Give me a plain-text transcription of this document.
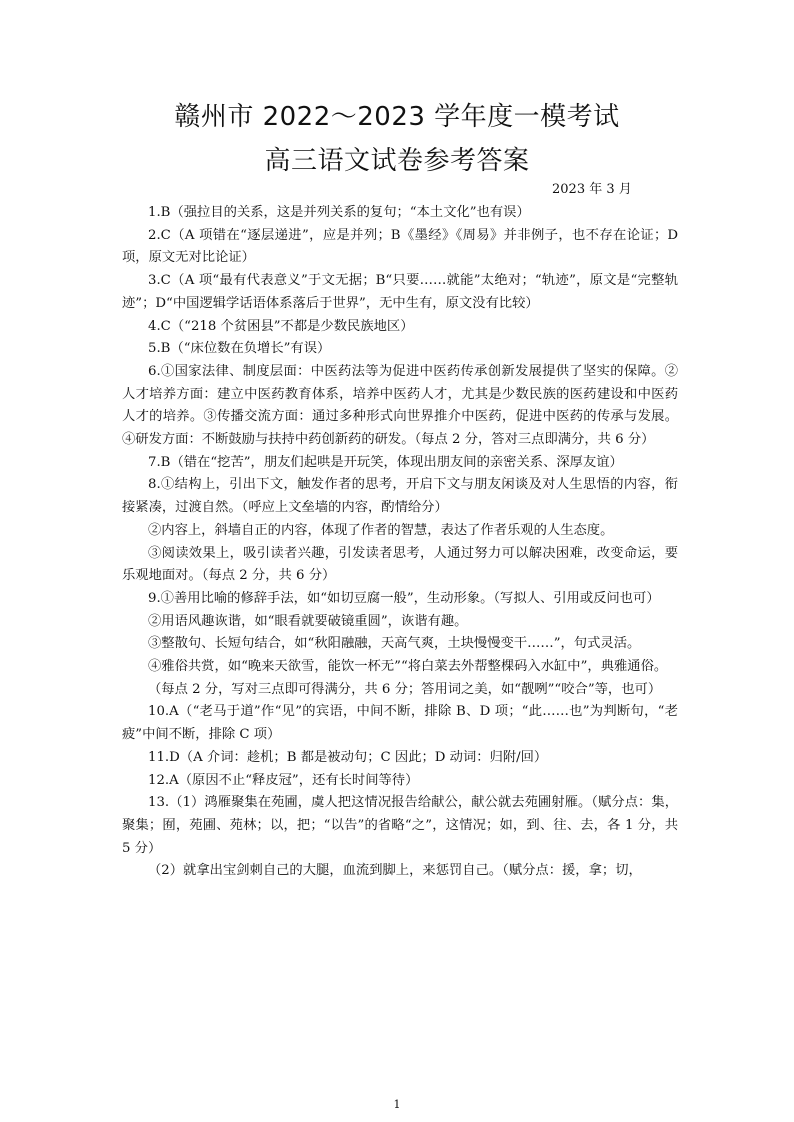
赣州市 2022～2023 学年度一模考试
高三语文试卷参考答案
2023 年 3 月

1.B（强拉目的关系，这是并列关系的复句；“本土文化”也有误）

2.C（A 项错在“逐层递进”，应是并列；B《墨经》《周易》并非例子，也不存在论证；D 项，原文无对比论证）

3.C（A 项“最有代表意义”于文无据；B“只要……就能”太绝对；“轨迹”，原文是“完整轨迹”；D“中国逻辑学话语体系落后于世界”，无中生有，原文没有比较）

4.C（“218 个贫困县”不都是少数民族地区）

5.B（“床位数在负增长”有误）

6.①国家法律、制度层面：中医药法等为促进中医药传承创新发展提供了坚实的保障。②人才培养方面：建立中医药教育体系，培养中医药人才，尤其是少数民族的医药建设和中医药人才的培养。③传播交流方面：通过多种形式向世界推介中医药，促进中医药的传承与发展。④研发方面：不断鼓励与扶持中药创新药的研发。（每点 2 分，答对三点即满分，共 6 分）

7.B（错在“挖苦”，朋友们起哄是开玩笑，体现出朋友间的亲密关系、深厚友谊）

8.①结构上，引出下文，触发作者的思考，开启下文与朋友闲谈及对人生思悟的内容，衔接紧凑，过渡自然。（呼应上文垒墙的内容，酌情给分）

②内容上，斜墙自正的内容，体现了作者的智慧，表达了作者乐观的人生态度。

③阅读效果上，吸引读者兴趣，引发读者思考，人通过努力可以解决困难，改变命运，要乐观地面对。（每点 2 分，共 6 分）

9.①善用比喻的修辞手法，如“如切豆腐一般”，生动形象。（写拟人、引用或反问也可）

②用语风趣诙谐，如“眼看就要破镜重圆”，诙谐有趣。

③整散句、长短句结合，如“秋阳融融，天高气爽，土块慢慢变干……”，句式灵活。

④雅俗共赏，如“晚来天欲雪，能饮一杯无”“将白菜去外帮整棵码入水缸中”，典雅通俗。

（每点 2 分，写对三点即可得满分，共 6 分；答用词之美，如“靓咧”“咬合”等，也可）

10.A（“老马于道”作“见”的宾语，中间不断，排除 B、D 项；“此……也”为判断句，“老疲”中间不断，排除 C 项）

11.D（A 介词：趁机；B 都是被动句；C 因此；D 动词：归附/回）

12.A（原因不止“释皮冠”，还有长时间等待）

13.（1）鸿雁聚集在苑圃，虞人把这情况报告给献公，献公就去苑圃射雁。（赋分点：集，聚集；囿，苑圃、苑林；以，把；“以告”的省略“之”，这情况；如，到、往、去，各 1 分，共 5 分）

（2）就拿出宝剑刺自己的大腿，血流到脚上，来惩罚自己。（赋分点：援，拿；切，

1
